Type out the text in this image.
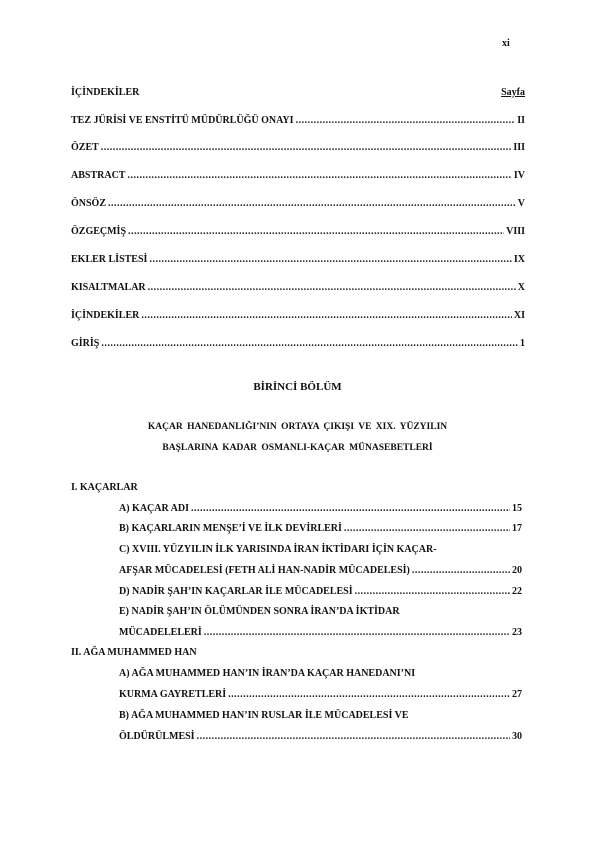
xi
İÇİNDEKİLER	Sayfa
TEZ JÜRİSİ VE ENSTİTÜ MÜDÜRLÜĞÜ ONAYI .....	II
ÖZET .....	III
ABSTRACT .....	IV
ÖNSÖZ .....	V
ÖZGEÇMİŞ .....	VIII
EKLER LİSTESİ .....	IX
KISALTMALAR .....	X
İÇİNDEKİLER .....	XI
GİRİŞ .....	1
BİRİNCİ BÖLÜM
KAÇAR HANEDANLIĞI’NIN ORTAYA ÇIKIŞI VE XIX. YÜZYILIN
BAŞLARINA KADAR OSMANLI-KAÇAR MÜNASEBETLERİ
I. KAÇARLAR
A) KAÇAR ADI .....	15
B) KAÇARLARIN MENŞE’İ VE İLK DEVİRLERİ .....	17
C) XVIII. YÜZYILIN İLK YARISINDA İRAN İKTİDARI İÇİN KAÇAR-
AFŞAR MÜCADELESİ (FETH ALİ HAN-NADİR MÜCADELESİ) .....	20
D) NADİR ŞAH’IN KAÇARLAR İLE MÜCADELESİ .....	22
E) NADİR ŞAH’IN ÖLÜMÜNDEN SONRA İRAN’DA İKTİDAR
MÜCADELELERİ .....	23
II. AĞA MUHAMMED HAN
A) AĞA MUHAMMED HAN’IN İRAN’DA KAÇAR HANEDANI’NI
KURMA GAYRETLERİ .....	27
B) AĞA MUHAMMED HAN’IN RUSLAR İLE MÜCADELESİ VE
ÖLDÜRÜLMESİ .....	30
